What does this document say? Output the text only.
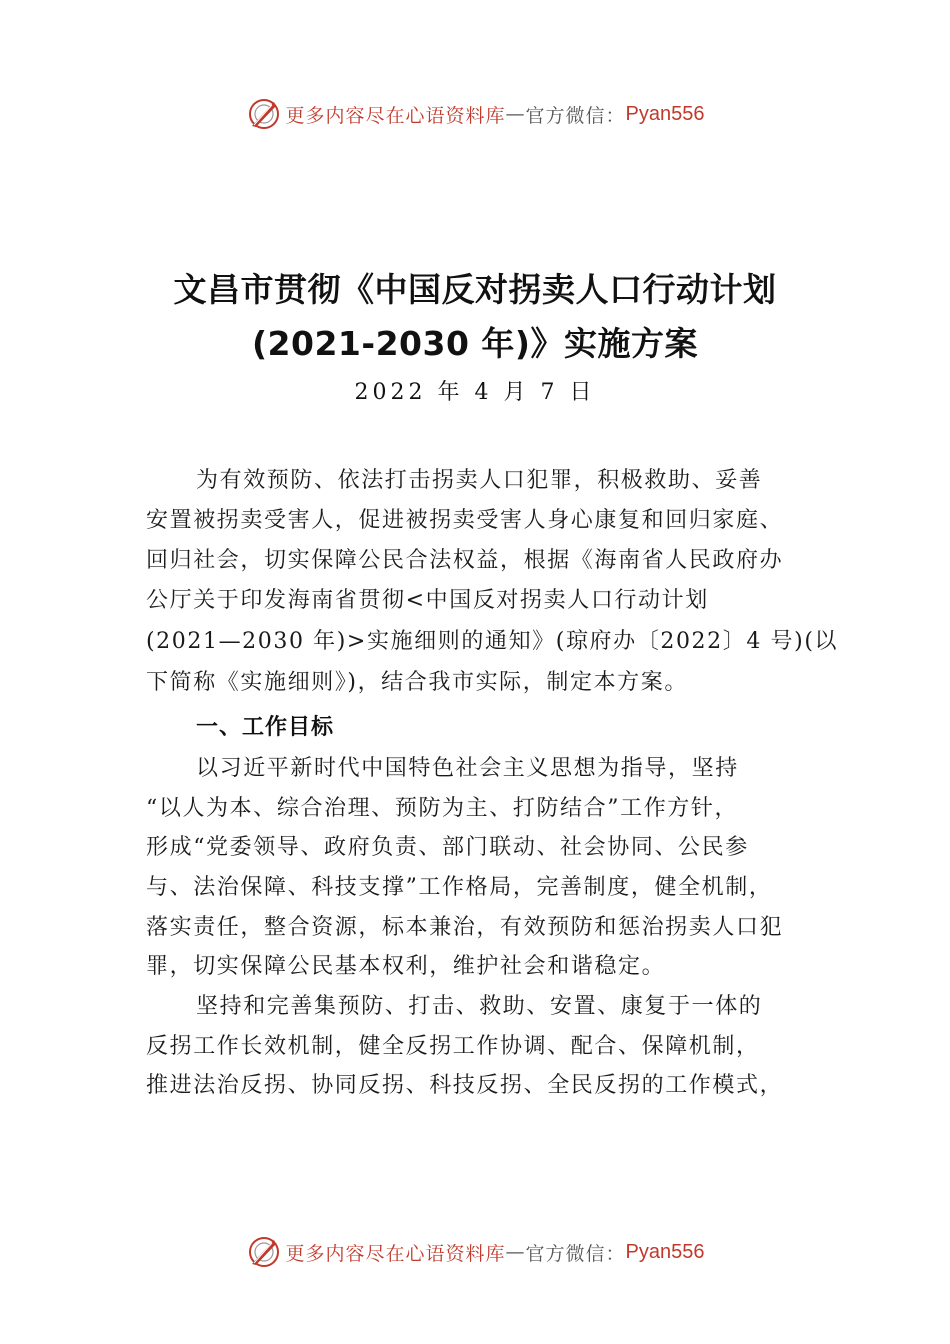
更多内容尽在心语资料库 — 官方微信： Pyan556
文昌市贯彻《中国反对拐卖人口行动计划
(2021-2030 年)》实施方案
2022 年 4 月 7 日
为有效预防、依法打击拐卖人口犯罪，积极救助、妥善
安置被拐卖受害人，促进被拐卖受害人身心康复和回归家庭、
回归社会，切实保障公民合法权益，根据《海南省人民政府办
公厅关于印发海南省贯彻<中国反对拐卖人口行动计划
(2021—2030 年)>实施细则的通知》(琼府办〔2022〕4 号)(以
下简称《实施细则》)，结合我市实际，制定本方案。
一、工作目标
以习近平新时代中国特色社会主义思想为指导，坚持
“以人为本、综合治理、预防为主、打防结合”工作方针，
形成“党委领导、政府负责、部门联动、社会协同、公民参
与、法治保障、科技支撑”工作格局，完善制度，健全机制，
落实责任，整合资源，标本兼治，有效预防和惩治拐卖人口犯
罪，切实保障公民基本权利，维护社会和谐稳定。
坚持和完善集预防、打击、救助、安置、康复于一体的
反拐工作长效机制，健全反拐工作协调、配合、保障机制，
推进法治反拐、协同反拐、科技反拐、全民反拐的工作模式，
更多内容尽在心语资料库 — 官方微信： Pyan556
